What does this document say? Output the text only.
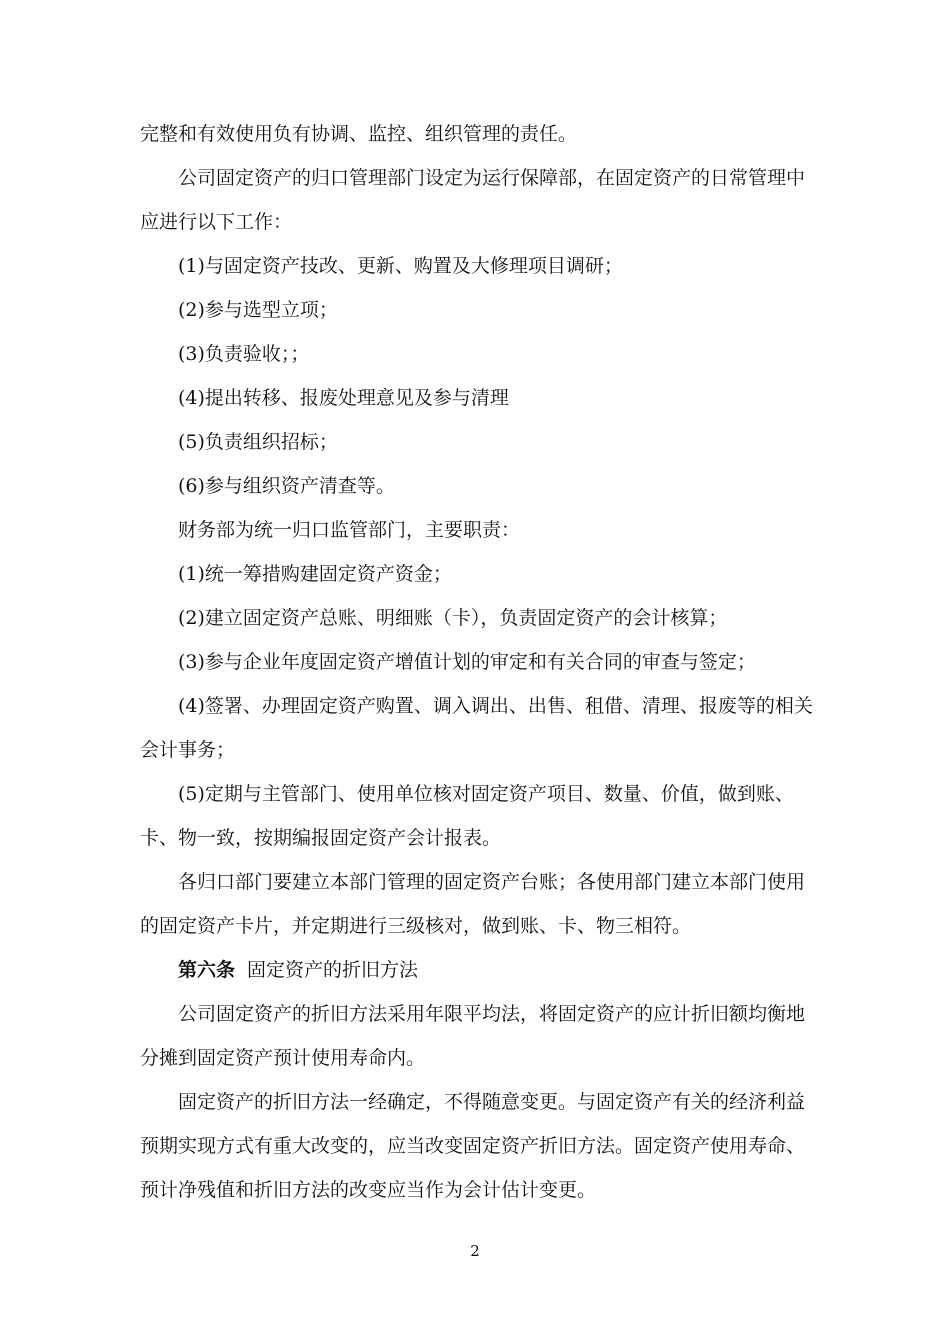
完整和有效使用负有协调、监控、组织管理的责任。

公司固定资产的归口管理部门设定为运行保障部，在固定资产的日常管理中应进行以下工作：

(1)与固定资产技改、更新、购置及大修理项目调研；

(2)参与选型立项；

(3)负责验收；；

(4)提出转移、报废处理意见及参与清理

(5)负责组织招标；

(6)参与组织资产清查等。

财务部为统一归口监管部门，主要职责：

(1)统一筹措购建固定资产资金；

(2)建立固定资产总账、明细账（卡），负责固定资产的会计核算；

(3)参与企业年度固定资产增值计划的审定和有关合同的审查与签定；

(4)签署、办理固定资产购置、调入调出、出售、租借、清理、报废等的相关会计事务；

(5)定期与主管部门、使用单位核对固定资产项目、数量、价值，做到账、卡、物一致，按期编报固定资产会计报表。

各归口部门要建立本部门管理的固定资产台账；各使用部门建立本部门使用的固定资产卡片，并定期进行三级核对，做到账、卡、物三相符。

第六条 固定资产的折旧方法

公司固定资产的折旧方法采用年限平均法，将固定资产的应计折旧额均衡地分摊到固定资产预计使用寿命内。

固定资产的折旧方法一经确定，不得随意变更。与固定资产有关的经济利益预期实现方式有重大改变的，应当改变固定资产折旧方法。固定资产使用寿命、预计净残值和折旧方法的改变应当作为会计估计变更。

2
